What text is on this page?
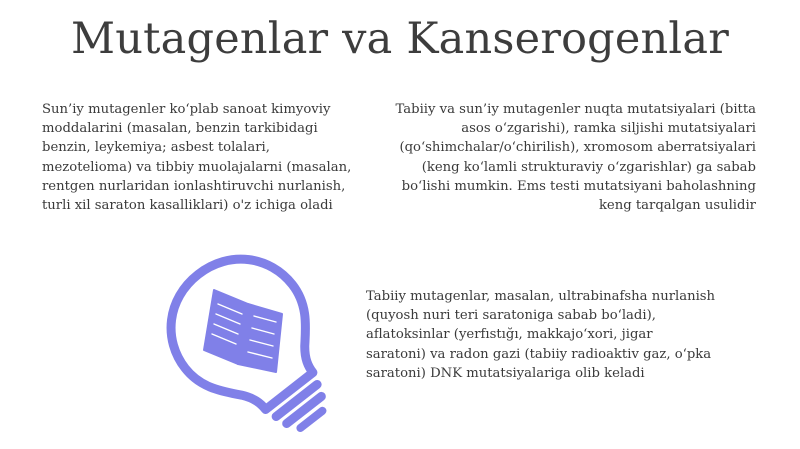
Mutagenlar va Kanserogenlar

Sun’iy mutagenler ko‘plab sanoat kimyoviy moddalarini (masalan, benzin tarkibidagi benzin, leykemiya; asbest tolalari, mezotelioma) va tibbiy muolajalarni (masalan, rentgen nurlaridan ionlashtiruvchi nurlanish, turli xil saraton kasalliklari) o'z ichiga oladi

Tabiiy va sun’iy mutagenler nuqta mutatsiyalari (bitta asos o‘zgarishi), ramka siljishi mutatsiyalari (qo‘shimchalar/o‘chirilish), xromosom aberratsiyalari (keng ko‘lamli strukturaviy o‘zgarishlar) ga sabab bo‘lishi mumkin. Ems testi mutatsiyani baholashning keng tarqalgan usulidir

Tabiiy mutagenlar, masalan, ultrabinafsha nurlanish (quyosh nuri teri saratoniga sabab bo‘ladi), aflatoksinlar (yerfıstığı, makkajo‘xori, jigar saratoni) va radon gazi (tabiiy radioaktiv gaz, o‘pka saratoni) DNK mutatsiyalariga olib keladi
